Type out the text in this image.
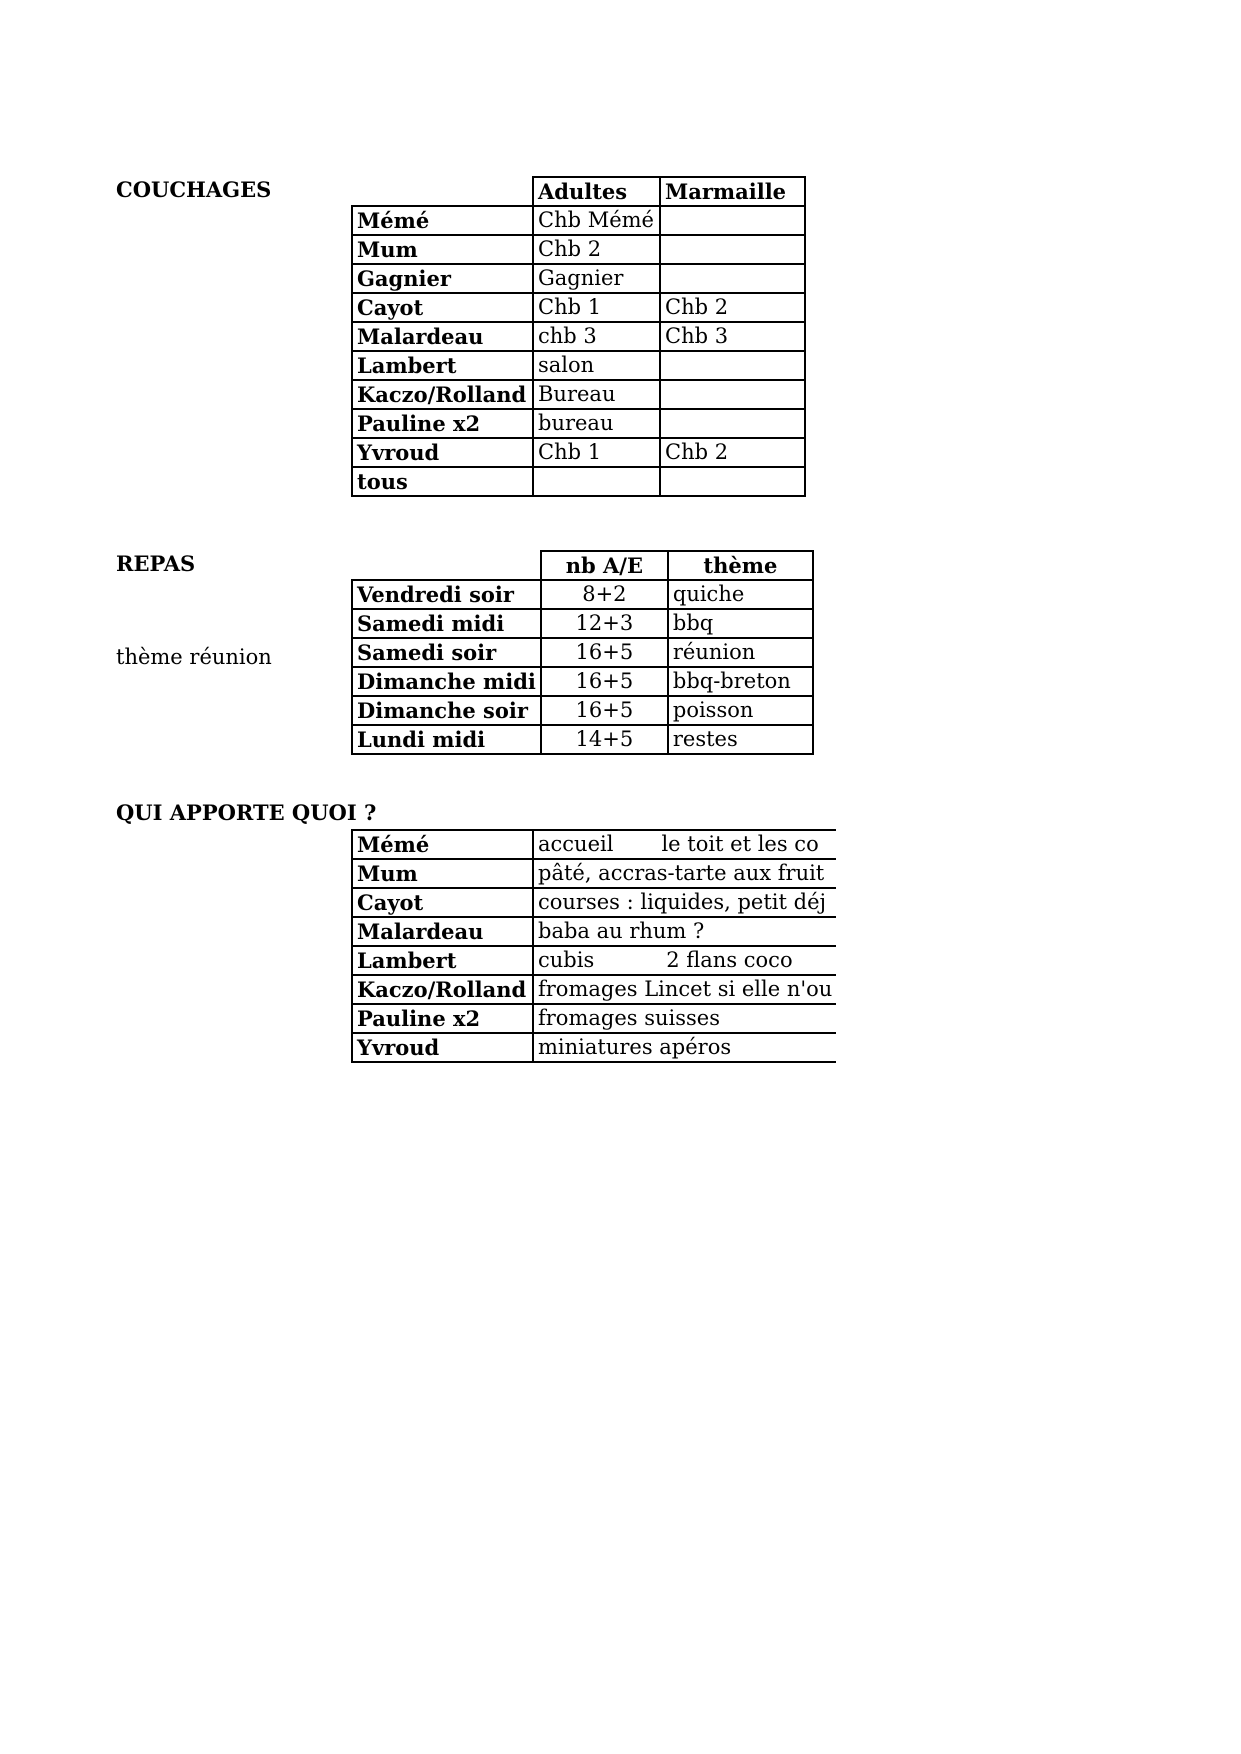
COUCHAGES
		Adultes	Marmaille
Mémé	Chb Mémé	
Mum	Chb 2	
Gagnier	Gagnier	
Cayot	Chb 1	Chb 2
Malardeau	chb 3	Chb 3
Lambert	salon	
Kaczo/Rolland	Bureau	
Pauline x2	bureau	
Yvroud	Chb 1	Chb 2
tous		
REPAS
thème réunion
	nb A/E	thème
Vendredi soir	8+2	quiche
Samedi midi	12+3	bbq
Samedi soir	16+5	réunion
Dimanche midi	16+5	bbq-breton
Dimanche soir	16+5	poisson
Lundi midi	14+5	restes
QUI APPORTE QUOI ?
Mémé	accueil le toit et les co
Mum	pâté, accras-tarte aux fruit
Cayot	courses : liquides, petit déj
Malardeau	baba au rhum ?
Lambert	cubis 2 flans coco
Kaczo/Rolland	fromages Lincet si elle n'ou
Pauline x2	fromages suisses
Yvroud	miniatures apéros
